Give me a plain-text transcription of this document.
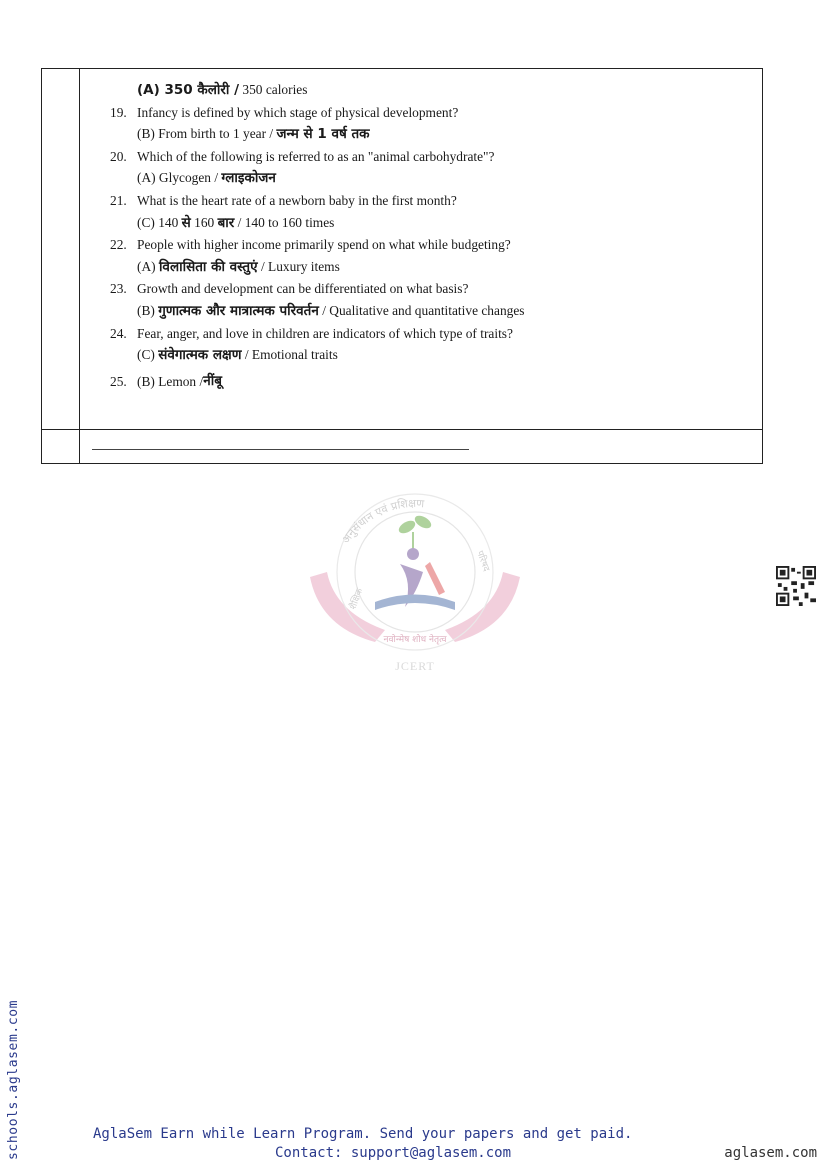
(A) 350 कैलोरी / 350 calories
19. Infancy is defined by which stage of physical development?
(B) From birth to 1 year / जन्म से 1 वर्ष तक
20. Which of the following is referred to as an "animal carbohydrate"?
(A) Glycogen / ग्लाइकोजन
21. What is the heart rate of a newborn baby in the first month?
(C) 140 से 160 बार / 140 to 160 times
22. People with higher income primarily spend on what while budgeting?
(A) विलासिता की वस्तुएं / Luxury items
23. Growth and development can be differentiated on what basis?
(B) गुणात्मक और मात्रात्मक परिवर्तन / Qualitative and quantitative changes
24. Fear, anger, and love in children are indicators of which type of traits?
(C) संवेगात्मक लक्षण / Emotional traits
25. (B) Lemon / नींबू
अनुसंधान एवं प्रशिक्षण
शैक्षिक
परिषद
नवोन्मेष शोध नेतृत्व
JCERT
schools.aglasem.com	AglaSem Earn while Learn Program. Send your papers and get paid.
Contact: support@aglasem.com	aglasem.com
